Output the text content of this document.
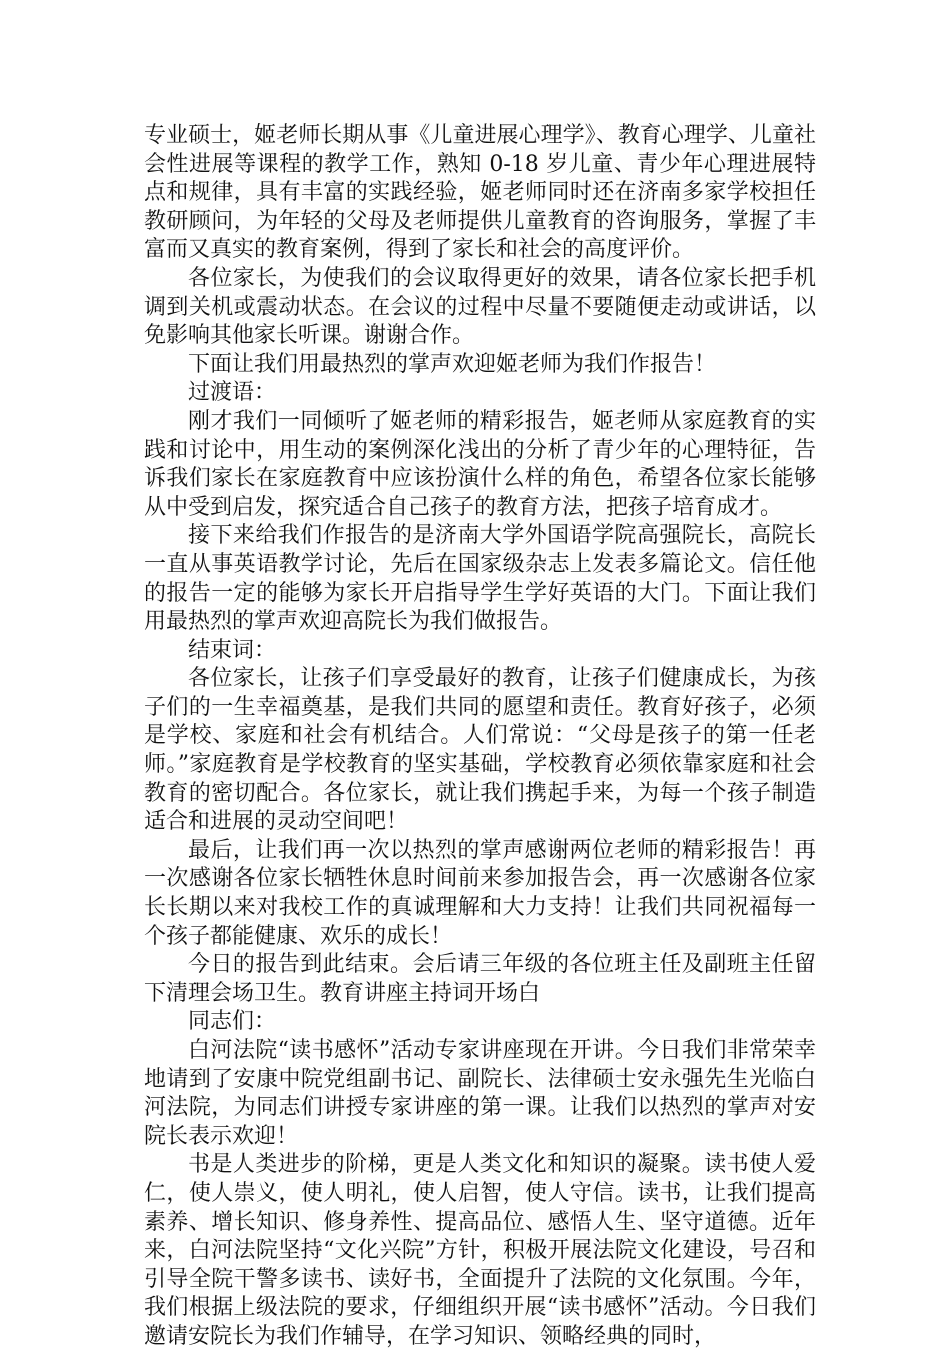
专业硕士，姬老师长期从事《儿童进展心理学》、教育心理学、儿童社会性进展等课程的教学工作，熟知 0-18 岁儿童、青少年心理进展特点和规律，具有丰富的实践经验，姬老师同时还在济南多家学校担任教研顾问，为年轻的父母及老师提供儿童教育的咨询服务，掌握了丰富而又真实的教育案例，得到了家长和社会的高度评价。

各位家长，为使我们的会议取得更好的效果，请各位家长把手机调到关机或震动状态。在会议的过程中尽量不要随便走动或讲话，以免影响其他家长听课。谢谢合作。

下面让我们用最热烈的掌声欢迎姬老师为我们作报告！

过渡语：

刚才我们一同倾听了姬老师的精彩报告，姬老师从家庭教育的实践和讨论中，用生动的案例深化浅出的分析了青少年的心理特征，告诉我们家长在家庭教育中应该扮演什么样的角色，希望各位家长能够从中受到启发，探究适合自己孩子的教育方法，把孩子培育成才。

接下来给我们作报告的是济南大学外国语学院高强院长，高院长一直从事英语教学讨论，先后在国家级杂志上发表多篇论文。信任他的报告一定的能够为家长开启指导学生学好英语的大门。下面让我们用最热烈的掌声欢迎高院长为我们做报告。

结束词：

各位家长，让孩子们享受最好的教育，让孩子们健康成长，为孩子们的一生幸福奠基，是我们共同的愿望和责任。教育好孩子，必须是学校、家庭和社会有机结合。人们常说：“父母是孩子的第一任老师。”家庭教育是学校教育的坚实基础，学校教育必须依靠家庭和社会教育的密切配合。各位家长，就让我们携起手来，为每一个孩子制造适合和进展的灵动空间吧！

最后，让我们再一次以热烈的掌声感谢两位老师的精彩报告！再一次感谢各位家长牺牲休息时间前来参加报告会，再一次感谢各位家长长期以来对我校工作的真诚理解和大力支持！让我们共同祝福每一个孩子都能健康、欢乐的成长！

今日的报告到此结束。会后请三年级的各位班主任及副班主任留下清理会场卫生。教育讲座主持词开场白

同志们：

白河法院“读书感怀”活动专家讲座现在开讲。今日我们非常荣幸地请到了安康中院党组副书记、副院长、法律硕士安永强先生光临白河法院，为同志们讲授专家讲座的第一课。让我们以热烈的掌声对安院长表示欢迎！

书是人类进步的阶梯，更是人类文化和知识的凝聚。读书使人爱仁，使人崇义，使人明礼，使人启智，使人守信。读书，让我们提高素养、增长知识、修身养性、提高品位、感悟人生、坚守道德。近年来，白河法院坚持“文化兴院”方针，积极开展法院文化建设，号召和引导全院干警多读书、读好书，全面提升了法院的文化氛围。今年，我们根据上级法院的要求，仔细组织开展“读书感怀”活动。今日我们邀请安院长为我们作辅导，在学习知识、领略经典的同时，
